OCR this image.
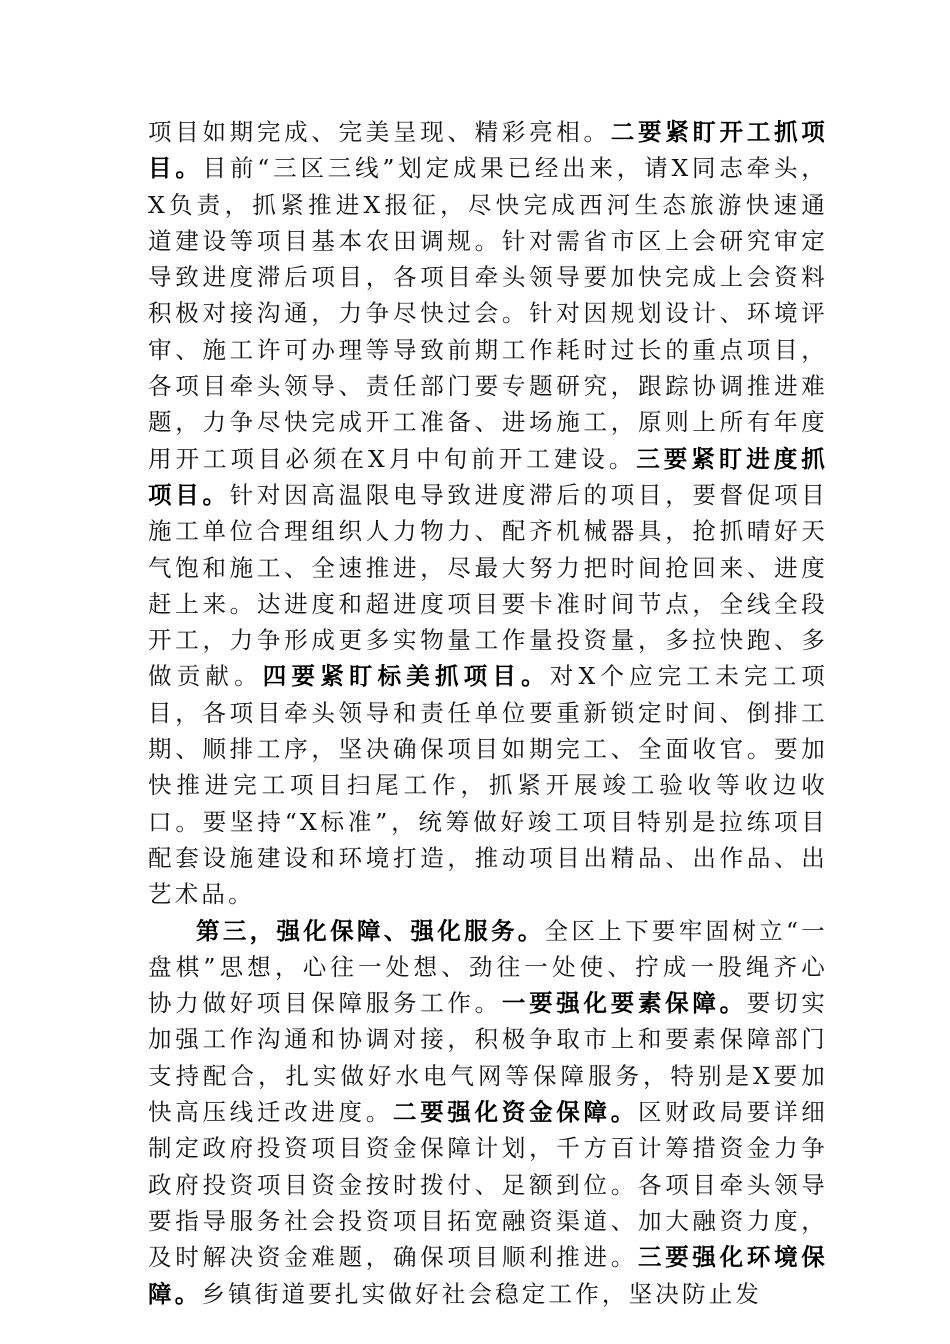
项目如期完成、完美呈现、精彩亮相。二要紧盯开工抓项目。目前“三区三线”划定成果已经出来，请X同志牵头，X负责，抓紧推进X报征，尽快完成西河生态旅游快速通道建设等项目基本农田调规。针对需省市区上会研究审定导致进度滞后项目，各项目牵头领导要加快完成上会资料积极对接沟通，力争尽快过会。针对因规划设计、环境评审、施工许可办理等导致前期工作耗时过长的重点项目，各项目牵头领导、责任部门要专题研究，跟踪协调推进难题，力争尽快完成开工准备、进场施工，原则上所有年度用开工项目必须在X月中旬前开工建设。三要紧盯进度抓项目。针对因高温限电导致进度滞后的项目，要督促项目施工单位合理组织人力物力、配齐机械器具，抢抓晴好天气饱和施工、全速推进，尽最大努力把时间抢回来、进度赶上来。达进度和超进度项目要卡准时间节点，全线全段开工，力争形成更多实物量工作量投资量，多拉快跑、多做贡献。四要紧盯标美抓项目。对X个应完工未完工项目，各项目牵头领导和责任单位要重新锁定时间、倒排工期、顺排工序，坚决确保项目如期完工、全面收官。要加快推进完工项目扫尾工作，抓紧开展竣工验收等收边收口。要坚持“X标准”，统筹做好竣工项目特别是拉练项目配套设施建设和环境打造，推动项目出精品、出作品、出艺术品。

第三，强化保障、强化服务。全区上下要牢固树立“一盘棋”思想，心往一处想、劲往一处使、拧成一股绳齐心协力做好项目保障服务工作。一要强化要素保障。要切实加强工作沟通和协调对接，积极争取市上和要素保障部门支持配合，扎实做好水电气网等保障服务，特别是X要加快高压线迁改进度。二要强化资金保障。区财政局要详细制定政府投资项目资金保障计划，千方百计筹措资金力争政府投资项目资金按时拨付、足额到位。各项目牵头领导要指导服务社会投资项目拓宽融资渠道、加大融资力度，及时解决资金难题，确保项目顺利推进。三要强化环境保障。乡镇街道要扎实做好社会稳定工作，坚决防止发
